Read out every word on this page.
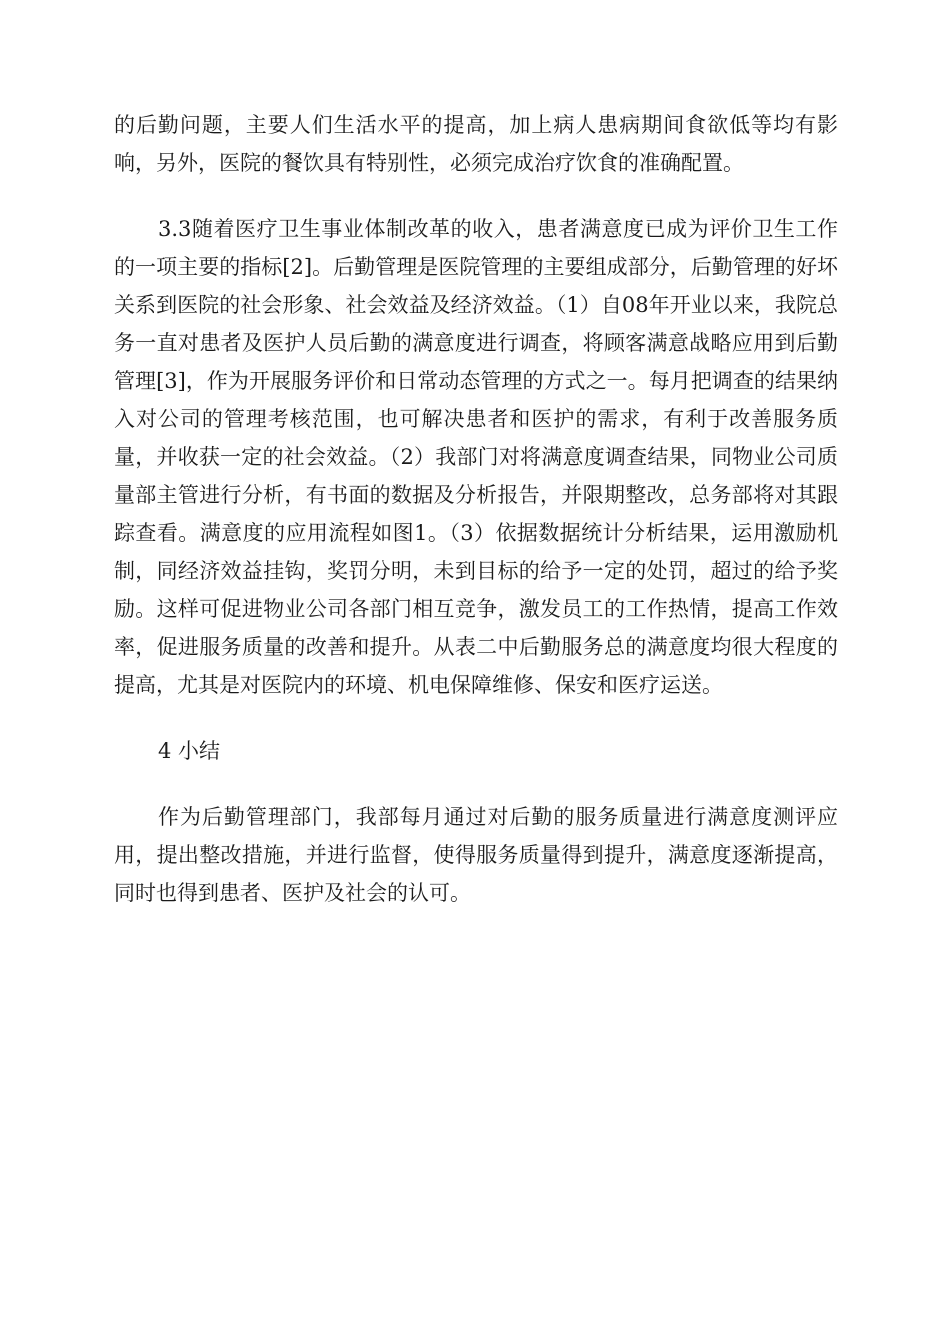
的后勤问题，主要人们生活水平的提高，加上病人患病期间食欲低等均有影响，另外，医院的餐饮具有特别性，必须完成治疗饮食的准确配置。

3.3随着医疗卫生事业体制改革的收入，患者满意度已成为评价卫生工作的一项主要的指标[2]。后勤管理是医院管理的主要组成部分，后勤管理的好坏关系到医院的社会形象、社会效益及经济效益。（1）自08年开业以来，我院总务一直对患者及医护人员后勤的满意度进行调查，将顾客满意战略应用到后勤管理[3]，作为开展服务评价和日常动态管理的方式之一。每月把调查的结果纳入对公司的管理考核范围，也可解决患者和医护的需求，有利于改善服务质量，并收获一定的社会效益。（2）我部门对将满意度调查结果，同物业公司质量部主管进行分析，有书面的数据及分析报告，并限期整改，总务部将对其跟踪查看。满意度的应用流程如图1。（3）依据数据统计分析结果，运用激励机制，同经济效益挂钩，奖罚分明，未到目标的给予一定的处罚，超过的给予奖励。这样可促进物业公司各部门相互竞争，激发员工的工作热情，提高工作效率，促进服务质量的改善和提升。从表二中后勤服务总的满意度均很大程度的提高，尤其是对医院内的环境、机电保障维修、保安和医疗运送。

4 小结

作为后勤管理部门，我部每月通过对后勤的服务质量进行满意度测评应用，提出整改措施，并进行监督，使得服务质量得到提升，满意度逐渐提高，同时也得到患者、医护及社会的认可。
